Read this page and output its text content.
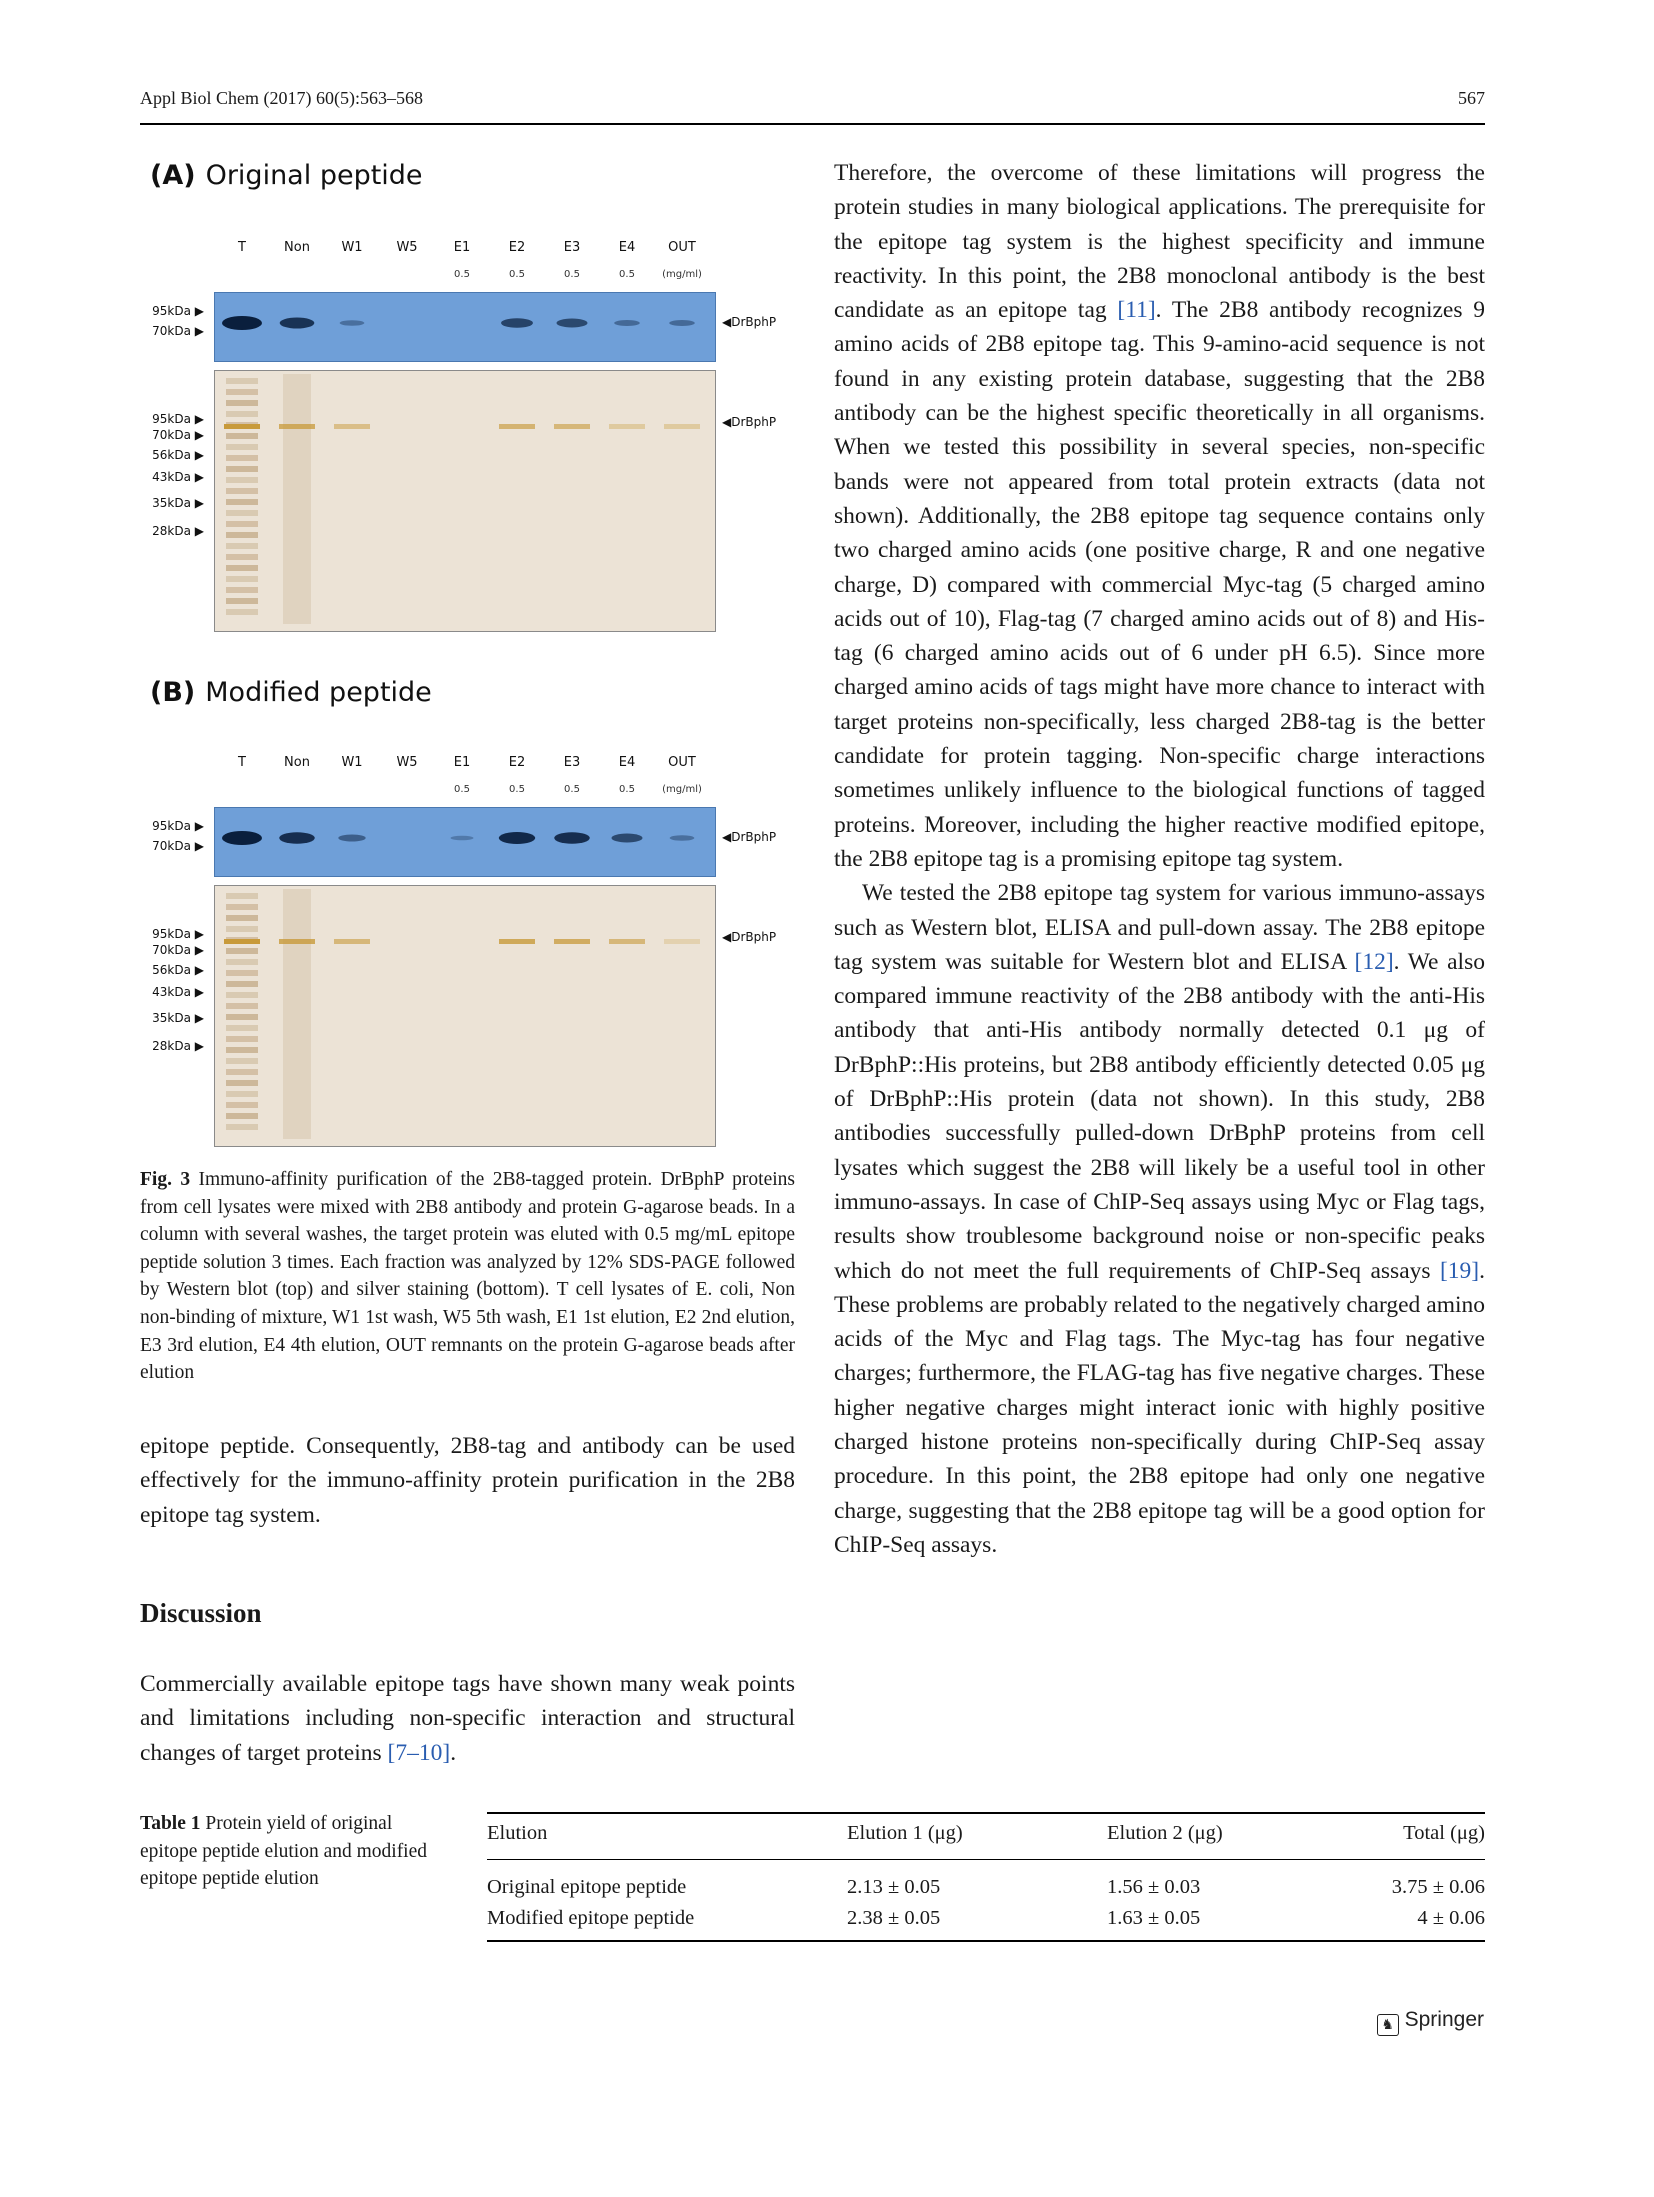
Appl Biol Chem (2017) 60(5):563–568	567
(A) Original peptide
(B) Modified peptide
Fig. 3 Immuno-affinity purification of the 2B8-tagged protein. DrBphP proteins from cell lysates were mixed with 2B8 antibody and protein G-agarose beads. In a column with several washes, the target protein was eluted with 0.5 mg/mL epitope peptide solution 3 times. Each fraction was analyzed by 12% SDS-PAGE followed by Western blot (top) and silver staining (bottom). T cell lysates of E. coli, Non non-binding of mixture, W1 1st wash, W5 5th wash, E1 1st elution, E2 2nd elution, E3 3rd elution, E4 4th elution, OUT remnants on the protein G-agarose beads after elution

epitope peptide. Consequently, 2B8-tag and antibody can be used effectively for the immuno-affinity protein purification in the 2B8 epitope tag system.

Discussion

Commercially available epitope tags have shown many weak points and limitations including non-specific interaction and structural changes of target proteins [7–10].

Therefore, the overcome of these limitations will progress the protein studies in many biological applications. The prerequisite for the epitope tag system is the highest specificity and immune reactivity. In this point, the 2B8 monoclonal antibody is the best candidate as an epitope tag [11]. The 2B8 antibody recognizes 9 amino acids of 2B8 epitope tag. This 9-amino-acid sequence is not found in any existing protein database, suggesting that the 2B8 antibody can be the highest specific theoretically in all organisms. When we tested this possibility in several species, non-specific bands were not appeared from total protein extracts (data not shown). Additionally, the 2B8 epitope tag sequence contains only two charged amino acids (one positive charge, R and one negative charge, D) compared with commercial Myc-tag (5 charged amino acids out of 10), Flag-tag (7 charged amino acids out of 8) and His-tag (6 charged amino acids out of 6 under pH 6.5). Since more charged amino acids of tags might have more chance to interact with target proteins non-specifically, less charged 2B8-tag is the better candidate for protein tagging. Non-specific charge interactions sometimes unlikely influence to the biological functions of tagged proteins. Moreover, including the higher reactive modified epitope, the 2B8 epitope tag is a promising epitope tag system.

We tested the 2B8 epitope tag system for various immuno-assays such as Western blot, ELISA and pull-down assay. The 2B8 epitope tag system was suitable for Western blot and ELISA [12]. We also compared immune reactivity of the 2B8 antibody with the anti-His antibody that anti-His antibody normally detected 0.1 μg of DrBphP::His proteins, but 2B8 antibody efficiently detected 0.05 μg of DrBphP::His protein (data not shown). In this study, 2B8 antibodies successfully pulled-down DrBphP proteins from cell lysates which suggest the 2B8 will likely be a useful tool in other immuno-assays. In case of ChIP-Seq assays using Myc or Flag tags, results show troublesome background noise or non-specific peaks which do not meet the full requirements of ChIP-Seq assays [19]. These problems are probably related to the negatively charged amino acids of the Myc and Flag tags. The Myc-tag has four negative charges; furthermore, the FLAG-tag has five negative charges. These higher negative charges might interact ionic with highly positive charged histone proteins non-specifically during ChIP-Seq assay procedure. In this point, the 2B8 epitope had only one negative charge, suggesting that the 2B8 epitope tag will be a good option for ChIP-Seq assays.

Table 1 Protein yield of original epitope peptide elution and modified epitope peptide elution
Elution	Elution 1 (μg)	Elution 2 (μg)	Total (μg)
Original epitope peptide	2.13 ± 0.05	1.56 ± 0.03	3.75 ± 0.06
Modified epitope peptide	2.38 ± 0.05	1.63 ± 0.05	4 ± 0.06
♞ Springer
T	Non	W1	W5	E1	E2	E3	E4	OUT
0.5	0.5	0.5	0.5	(mg/ml)
95kDa ▶
70kDa ▶
95kDa ▶
70kDa ▶
56kDa ▶
43kDa ▶
35kDa ▶
28kDa ▶
◀DrBphP
◀DrBphP
T	Non	W1	W5	E1	E2	E3	E4	OUT
0.5	0.5	0.5	0.5	(mg/ml)
95kDa ▶
70kDa ▶
95kDa ▶
70kDa ▶
56kDa ▶
43kDa ▶
35kDa ▶
28kDa ▶
◀DrBphP
◀DrBphP
